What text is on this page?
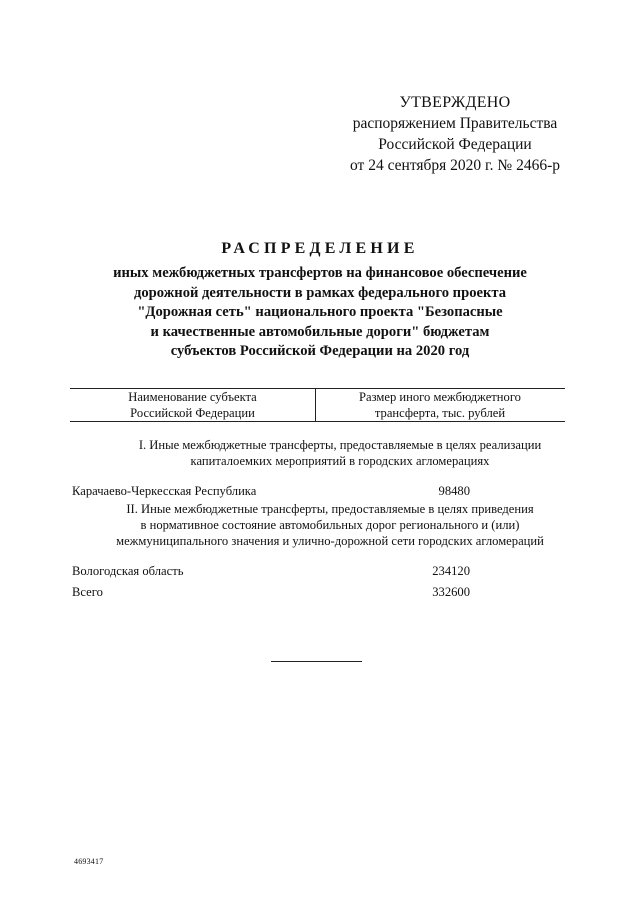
УТВЕРЖДЕНО
распоряжением Правительства
Российской Федерации
от 24 сентября 2020 г. № 2466-р
РАСПРЕДЕЛЕНИЕ
иных межбюджетных трансфертов на финансовое обеспечение
дорожной деятельности в рамках федерального проекта
"Дорожная сеть" национального проекта "Безопасные
и качественные автомобильные дороги" бюджетам
субъектов Российской Федерации на 2020 год
Наименование субъекта
Российской Федерации
Размер иного межбюджетного
трансферта, тыс. рублей
I. Иные межбюджетные трансферты, предоставляемые в целях реализации
капиталоемких мероприятий в городских агломерациях
Карачаево-Черкесская Республика	98480
II. Иные межбюджетные трансферты, предоставляемые в целях приведения
в нормативное состояние автомобильных дорог регионального и (или)
межмуниципального значения и улично-дорожной сети городских агломераций
Вологодская область	234120
Всего	332600
4693417
